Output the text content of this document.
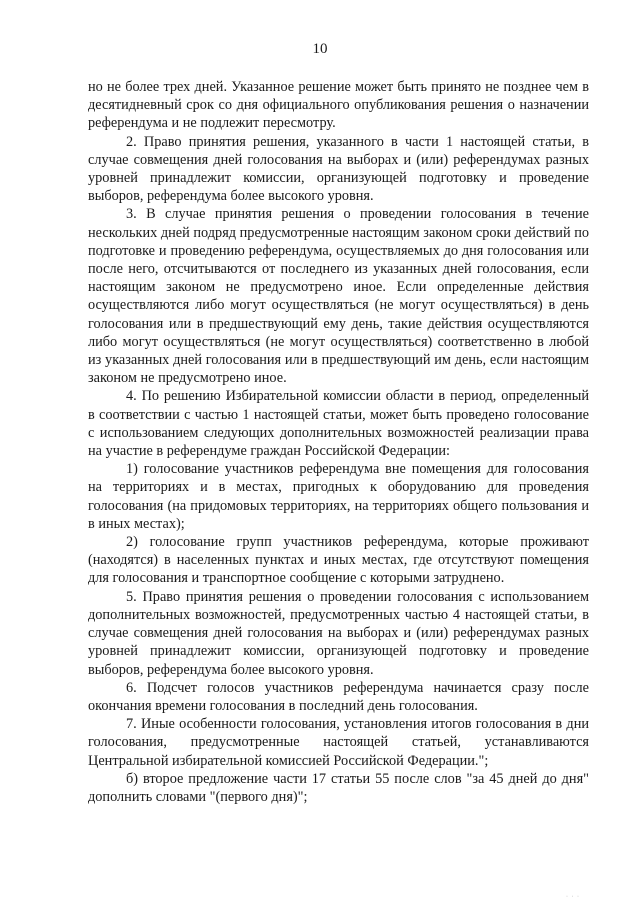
10

но не более трех дней. Указанное решение может быть принято не позднее чем в десятидневный срок со дня официального опубликования решения о назначении референдума и не подлежит пересмотру.

2. Право принятия решения, указанного в части 1 настоящей статьи, в случае совмещения дней голосования на выборах и (или) референдумах разных уровней принадлежит комиссии, организующей подготовку и проведение выборов, референдума более высокого уровня.

3. В случае принятия решения о проведении голосования в течение нескольких дней подряд предусмотренные настоящим законом сроки действий по подготовке и проведению референдума, осуществляемых до дня голосования или после него, отсчитываются от последнего из указанных дней голосования, если настоящим законом не предусмотрено иное. Если определенные действия осуществляются либо могут осуществляться (не могут осуществляться) в день голосования или в предшествующий ему день, такие действия осуществляются либо могут осуществляться (не могут осуществляться) соответственно в любой из указанных дней голосования или в предшествующий им день, если настоящим законом не предусмотрено иное.

4. По решению Избирательной комиссии области в период, определенный в соответствии с частью 1 настоящей статьи, может быть проведено голосование с использованием следующих дополнительных возможностей реализации права на участие в референдуме граждан Российской Федерации:

1) голосование участников референдума вне помещения для голосования на территориях и в местах, пригодных к оборудованию для проведения голосования (на придомовых территориях, на территориях общего пользования и в иных местах);

2) голосование групп участников референдума, которые проживают (находятся) в населенных пунктах и иных местах, где отсутствуют помещения для голосования и транспортное сообщение с которыми затруднено.

5. Право принятия решения о проведении голосования с использованием дополнительных возможностей, предусмотренных частью 4 настоящей статьи, в случае совмещения дней голосования на выборах и (или) референдумах разных уровней принадлежит комиссии, организующей подготовку и проведение выборов, референдума более высокого уровня.

6. Подсчет голосов участников референдума начинается сразу после окончания времени голосования в последний день голосования.

7. Иные особенности голосования, установления итогов голосования в дни голосования, предусмотренные настоящей статьей, устанавливаются Центральной избирательной комиссией Российской Федерации.";

б) второе предложение части 17 статьи 55 после слов "за 45 дней до дня" дополнить словами "(первого дня)";

· · ·
